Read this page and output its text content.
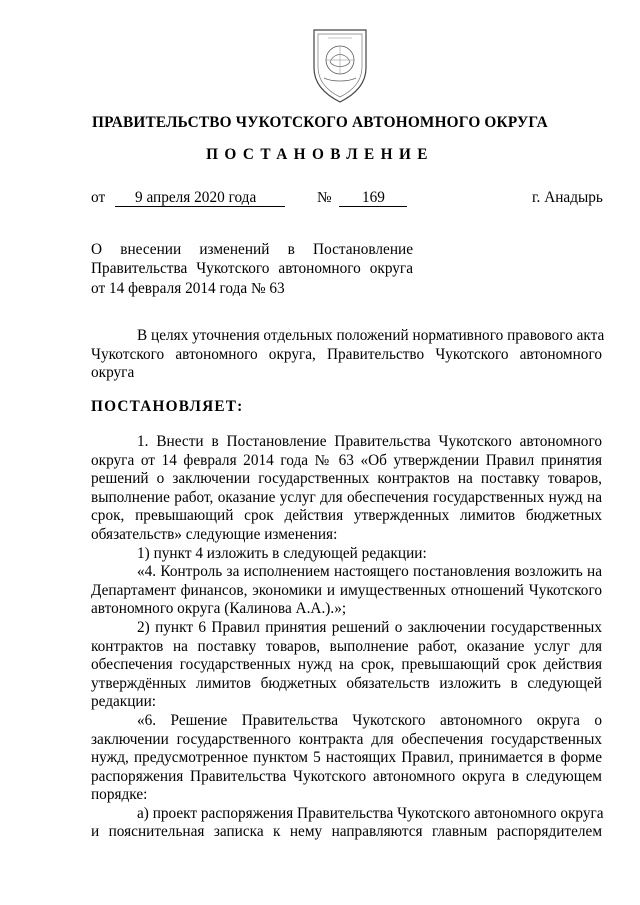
ПРАВИТЕЛЬСТВО ЧУКОТСКОГО АВТОНОМНОГО ОКРУГА
ПОСТАНОВЛЕНИЕ
от 9 апреля 2020 года	№ 169	г. Анадырь
О внесении изменений в Постановление
Правительства Чукотского автономного округа
от 14 февраля 2014 года № 63
В целях уточнения отдельных положений нормативного правового акта
Чукотского автономного округа, Правительство Чукотского автономного
округа
ПОСТАНОВЛЯЕТ:
1. Внести в Постановление Правительства Чукотского автономного
округа от 14 февраля 2014 года № 63 «Об утверждении Правил принятия
решений о заключении государственных контрактов на поставку товаров,
выполнение работ, оказание услуг для обеспечения государственных нужд на
срок, превышающий срок действия утвержденных лимитов бюджетных
обязательств» следующие изменения:
1) пункт 4 изложить в следующей редакции:
«4. Контроль за исполнением настоящего постановления возложить на
Департамент финансов, экономики и имущественных отношений Чукотского
автономного округа (Калинова А.А.).»;
2) пункт 6 Правил принятия решений о заключении государственных
контрактов на поставку товаров, выполнение работ, оказание услуг для
обеспечения государственных нужд на срок, превышающий срок действия
утверждённых лимитов бюджетных обязательств изложить в следующей
редакции:
«6. Решение Правительства Чукотского автономного округа о
заключении государственного контракта для обеспечения государственных
нужд, предусмотренное пунктом 5 настоящих Правил, принимается в форме
распоряжения Правительства Чукотского автономного округа в следующем
порядке:
а) проект распоряжения Правительства Чукотского автономного округа
и пояснительная записка к нему направляются главным распорядителем
